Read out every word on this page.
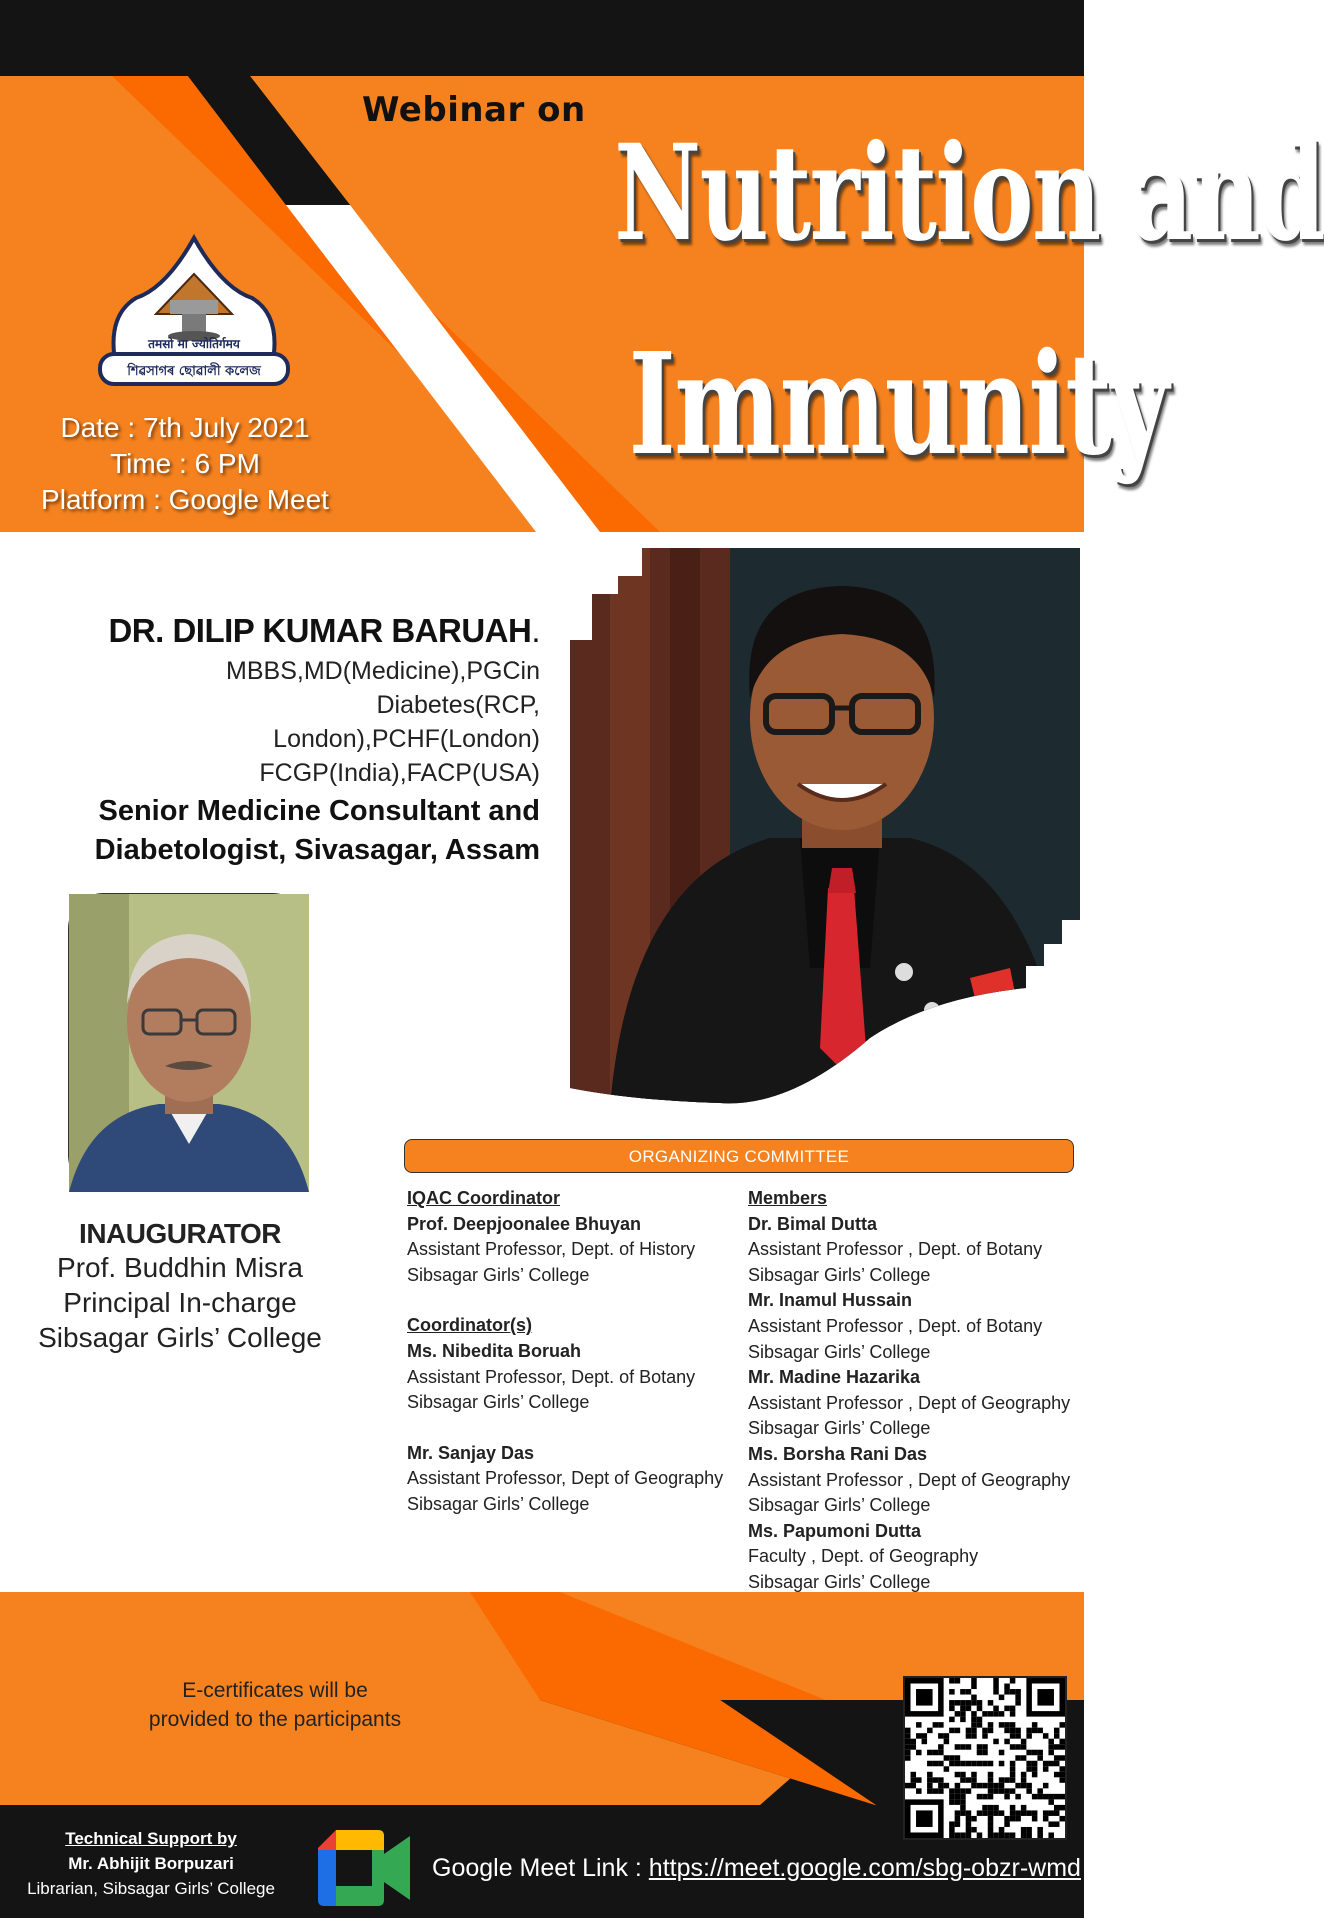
Webinar on
Nutrition and
Immunity
तमसो मा ज्योतिर्गमय
শিৱসাগৰ ছোৱালী কলেজ
Date : 7th July 2021
Time : 6 PM
Platform : Google Meet
DR. DILIP KUMAR BARUAH.
MBBS,MD(Medicine),PGCin Diabetes(RCP,
London),PCHF(London)
FCGP(India),FACP(USA)
Senior Medicine Consultant and
Diabetologist, Sivasagar, Assam
INAUGURATOR
Prof. Buddhin Misra
Principal In-charge
Sibsagar Girls’ College
ORGANIZING COMMITTEE
IQAC Coordinator
Prof. Deepjoonalee Bhuyan
Assistant Professor, Dept. of History
Sibsagar Girls’ College
Coordinator(s)
Ms. Nibedita Boruah
Assistant Professor, Dept. of Botany
Sibsagar Girls’ College
Mr. Sanjay Das
Assistant Professor, Dept of Geography
Sibsagar Girls’ College
Members
Dr. Bimal Dutta
Assistant Professor , Dept. of Botany
Sibsagar Girls’ College
Mr. Inamul Hussain
Assistant Professor , Dept. of Botany
Sibsagar Girls’ College
Mr. Madine Hazarika
Assistant Professor , Dept of Geography
Sibsagar Girls’ College
Ms. Borsha Rani Das
Assistant Professor , Dept of Geography
Sibsagar Girls’ College
Ms. Papumoni Dutta
Faculty , Dept. of Geography
Sibsagar Girls’ College
E-certificates will be
provided to the participants
Technical Support by
Mr. Abhijit Borpuzari
Librarian, Sibsagar Girls’ College
Google Meet Link : https://meet.google.com/sbg-obzr-wmd
